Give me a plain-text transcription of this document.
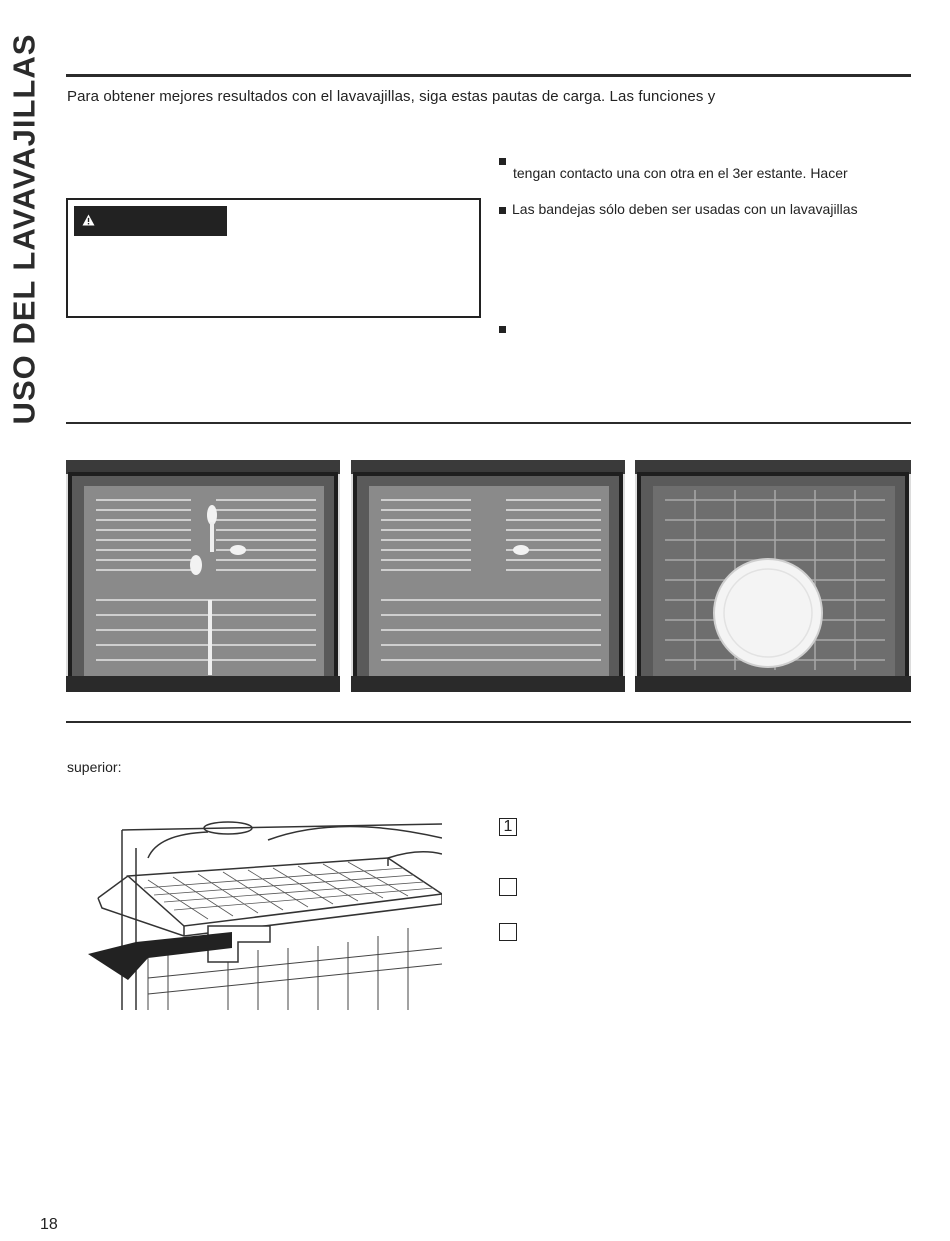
USO DEL LAVAVAJILLAS Para obtener mejores resultados con el lavavajillas, siga estas pautas de carga. Las funciones y
tengan contacto una con otra en el 3er estante. Hacer
Las bandejas sólo deben ser usadas con un lavavajillas
superior:
1
18
